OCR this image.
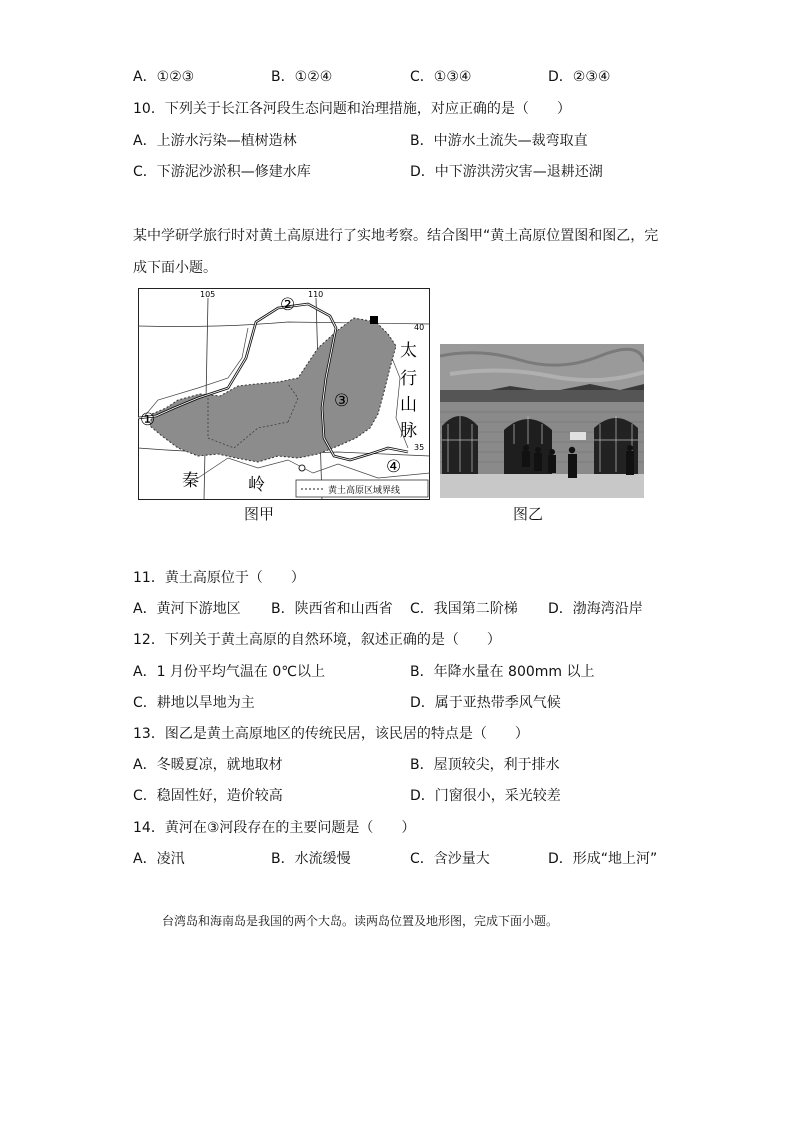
A．①②③	B．①②④	C．①③④	D．②③④
10．下列关于长江各河段生态问题和治理措施，对应正确的是（　　）
A．上游水污染—植树造林	B．中游水土流失—裁弯取直
C．下游泥沙淤积—修建水库	D．中下游洪涝灾害—退耕还湖
某中学研学旅行时对黄土高原进行了实地考察。结合图甲“黄土高原位置图和图乙，完
成下面小题。
105	110
40
35
②
③
①
④
太
行
山
脉
秦	岭	黄土高原区域界线
图甲	图乙
11．黄土高原位于（　　）
A．黄河下游地区 B．陕西省和山西省 C．我国第二阶梯 D．渤海湾沿岸
12．下列关于黄土高原的自然环境，叙述正确的是（　　）
A．1 月份平均气温在 0℃以上	B．年降水量在 800mm 以上
C．耕地以旱地为主	D．属于亚热带季风气候
13．图乙是黄土高原地区的传统民居，该民居的特点是（　　）
A．冬暖夏凉，就地取材	B．屋顶较尖，利于排水
C．稳固性好，造价较高	D．门窗很小，采光较差
14．黄河在③河段存在的主要问题是（　　）
A．凌汛	B．水流缓慢	C．含沙量大	D．形成“地上河”
台湾岛和海南岛是我国的两个大岛。读两岛位置及地形图，完成下面小题。
